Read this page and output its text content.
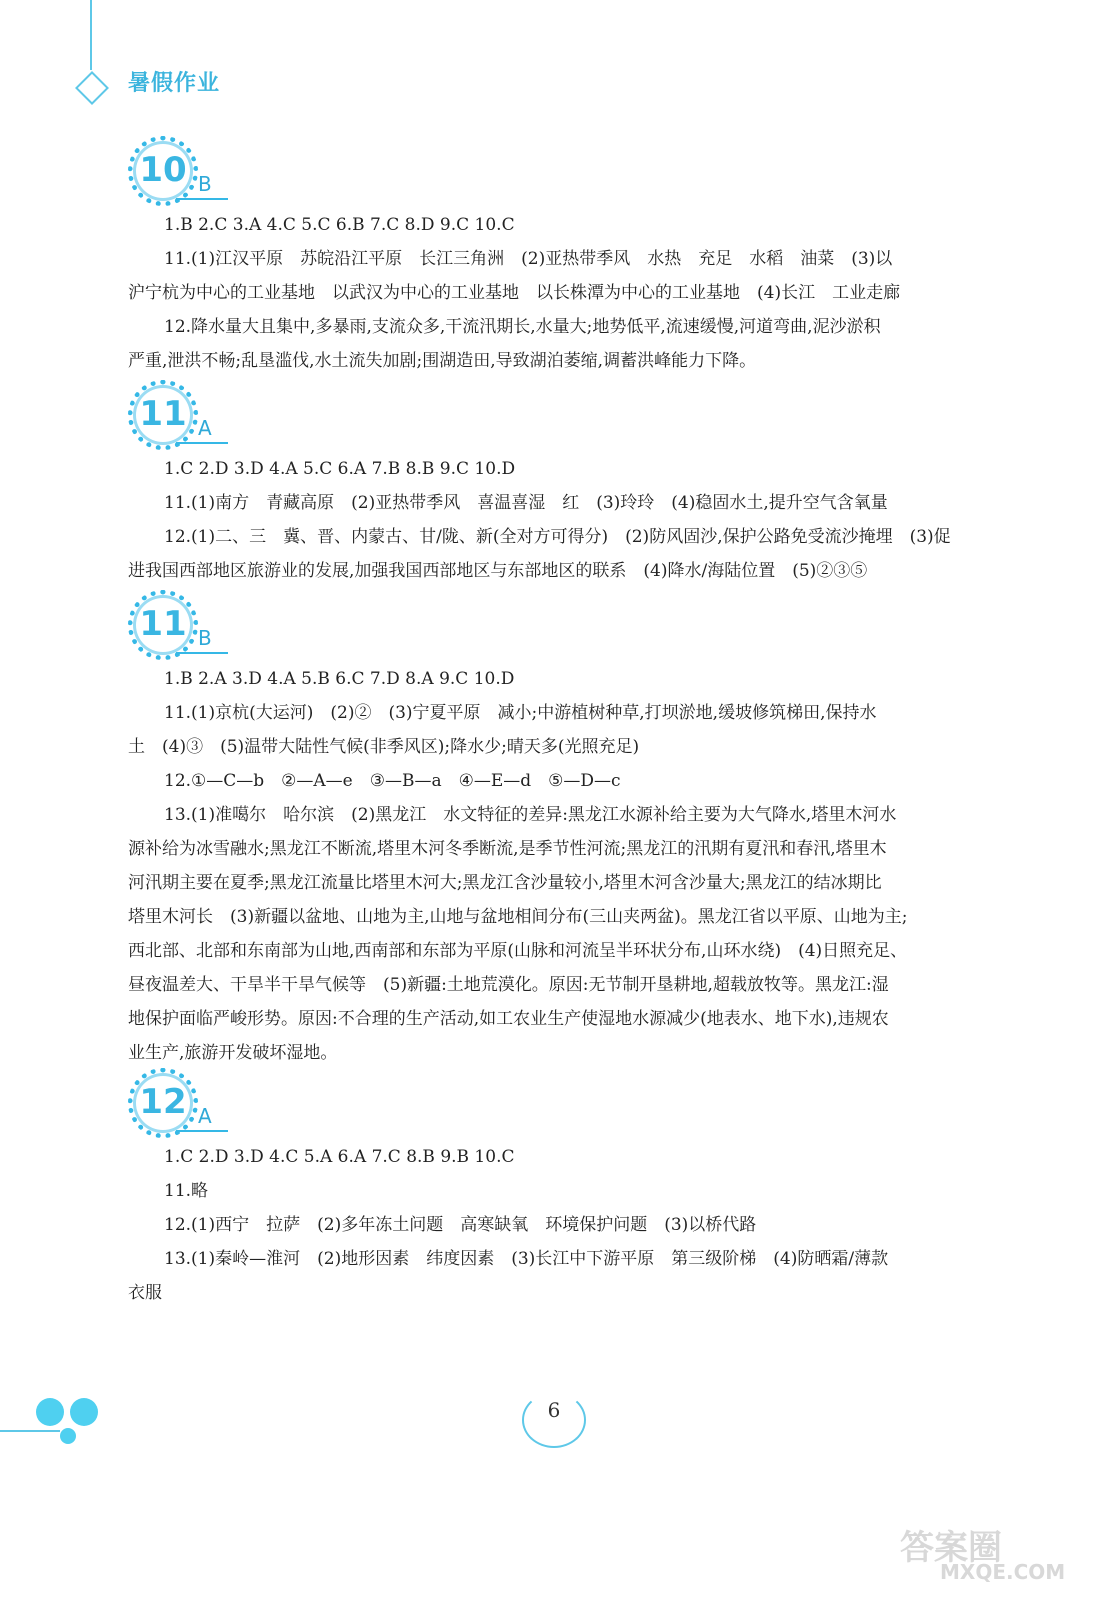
暑假作业
10 B
1.B 2.C 3.A 4.C 5.C 6.B 7.C 8.D 9.C 10.C
11.(1)江汉平原　苏皖沿江平原　长江三角洲　(2)亚热带季风　水热　充足　水稻　油菜　(3)以
沪宁杭为中心的工业基地　以武汉为中心的工业基地　以长株潭为中心的工业基地　(4)长江　工业走廊
12.降水量大且集中,多暴雨,支流众多,干流汛期长,水量大;地势低平,流速缓慢,河道弯曲,泥沙淤积
严重,泄洪不畅;乱垦滥伐,水土流失加剧;围湖造田,导致湖泊萎缩,调蓄洪峰能力下降。
11 A
1.C 2.D 3.D 4.A 5.C 6.A 7.B 8.B 9.C 10.D
11.(1)南方　青藏高原　(2)亚热带季风　喜温喜湿　红　(3)玲玲　(4)稳固水土,提升空气含氧量
12.(1)二、三　冀、晋、内蒙古、甘/陇、新(全对方可得分)　(2)防风固沙,保护公路免受流沙掩埋　(3)促
进我国西部地区旅游业的发展,加强我国西部地区与东部地区的联系　(4)降水/海陆位置　(5)②③⑤
11 B
1.B 2.A 3.D 4.A 5.B 6.C 7.D 8.A 9.C 10.D
11.(1)京杭(大运河)　(2)②　(3)宁夏平原　减小;中游植树种草,打坝淤地,缓坡修筑梯田,保持水
土　(4)③　(5)温带大陆性气候(非季风区);降水少;晴天多(光照充足)
12.①—C—b　②—A—e　③—B—a　④—E—d　⑤—D—c
13.(1)准噶尔　哈尔滨　(2)黑龙江　水文特征的差异:黑龙江水源补给主要为大气降水,塔里木河水
源补给为冰雪融水;黑龙江不断流,塔里木河冬季断流,是季节性河流;黑龙江的汛期有夏汛和春汛,塔里木
河汛期主要在夏季;黑龙江流量比塔里木河大;黑龙江含沙量较小,塔里木河含沙量大;黑龙江的结冰期比
塔里木河长　(3)新疆以盆地、山地为主,山地与盆地相间分布(三山夹两盆)。黑龙江省以平原、山地为主;
西北部、北部和东南部为山地,西南部和东部为平原(山脉和河流呈半环状分布,山环水绕)　(4)日照充足、
昼夜温差大、干旱半干旱气候等　(5)新疆:土地荒漠化。原因:无节制开垦耕地,超载放牧等。黑龙江:湿
地保护面临严峻形势。原因:不合理的生产活动,如工农业生产使湿地水源减少(地表水、地下水),违规农
业生产,旅游开发破坏湿地。
12 A
1.C 2.D 3.D 4.C 5.A 6.A 7.C 8.B 9.B 10.C
11.略
12.(1)西宁　拉萨　(2)多年冻土问题　高寒缺氧　环境保护问题　(3)以桥代路
13.(1)秦岭—淮河　(2)地形因素　纬度因素　(3)长江中下游平原　第三级阶梯　(4)防晒霜/薄款
衣服
6
答案圈
MXQE.COM
